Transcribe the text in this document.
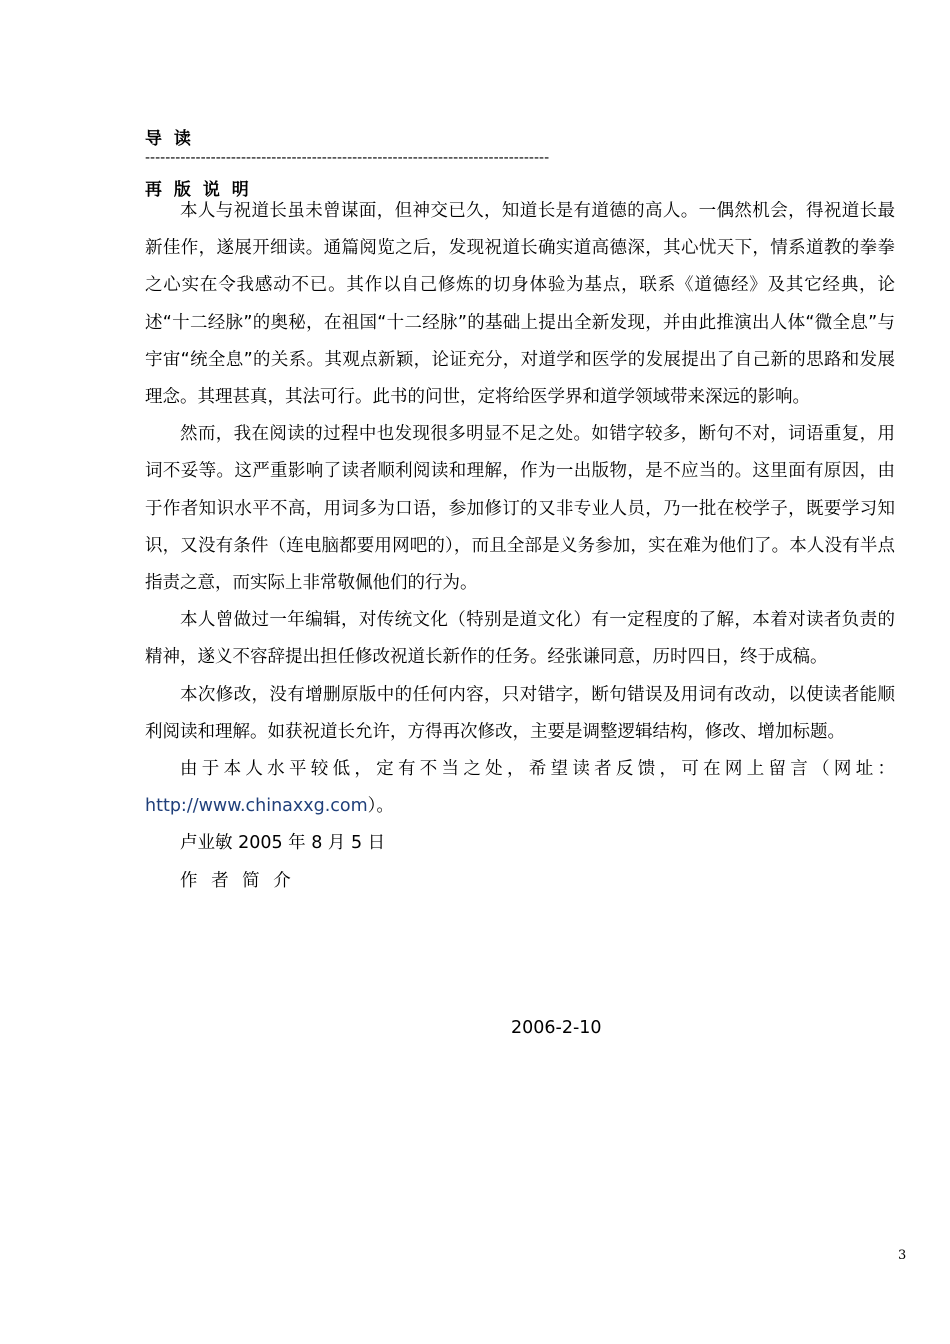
导 读
--------------------------------------------------------------------------------
再 版 说 明

本人与祝道长虽未曾谋面，但神交已久，知道长是有道德的高人。一偶然机会，得祝道长最新佳作，遂展开细读。通篇阅览之后，发现祝道长确实道高德深，其心忧天下，情系道教的拳拳之心实在令我感动不已。其作以自己修炼的切身体验为基点，联系《道德经》及其它经典，论述“十二经脉”的奥秘，在祖国“十二经脉”的基础上提出全新发现，并由此推演出人体“微全息”与宇宙“统全息”的关系。其观点新颖，论证充分，对道学和医学的发展提出了自己新的思路和发展理念。其理甚真，其法可行。此书的问世，定将给医学界和道学领域带来深远的影响。

然而，我在阅读的过程中也发现很多明显不足之处。如错字较多，断句不对，词语重复，用词不妥等。这严重影响了读者顺利阅读和理解，作为一出版物，是不应当的。这里面有原因，由于作者知识水平不高，用词多为口语，参加修订的又非专业人员，乃一批在校学子，既要学习知识，又没有条件（连电脑都要用网吧的），而且全部是义务参加，实在难为他们了。本人没有半点指责之意，而实际上非常敬佩他们的行为。

本人曾做过一年编辑，对传统文化（特别是道文化）有一定程度的了解，本着对读者负责的精神，遂义不容辞提出担任修改祝道长新作的任务。经张谦同意，历时四日，终于成稿。

本次修改，没有增删原版中的任何内容，只对错字，断句错误及用词有改动，以使读者能顺利阅读和理解。如获祝道长允许，方得再次修改，主要是调整逻辑结构，修改、增加标题。

由于本人水平较低，定有不当之处，希望读者反馈，可在网上留言（网址：http://www.chinaxxg.com）。

卢业敏 2005 年 8 月 5 日

作 者 简 介

2006-2-10
3
